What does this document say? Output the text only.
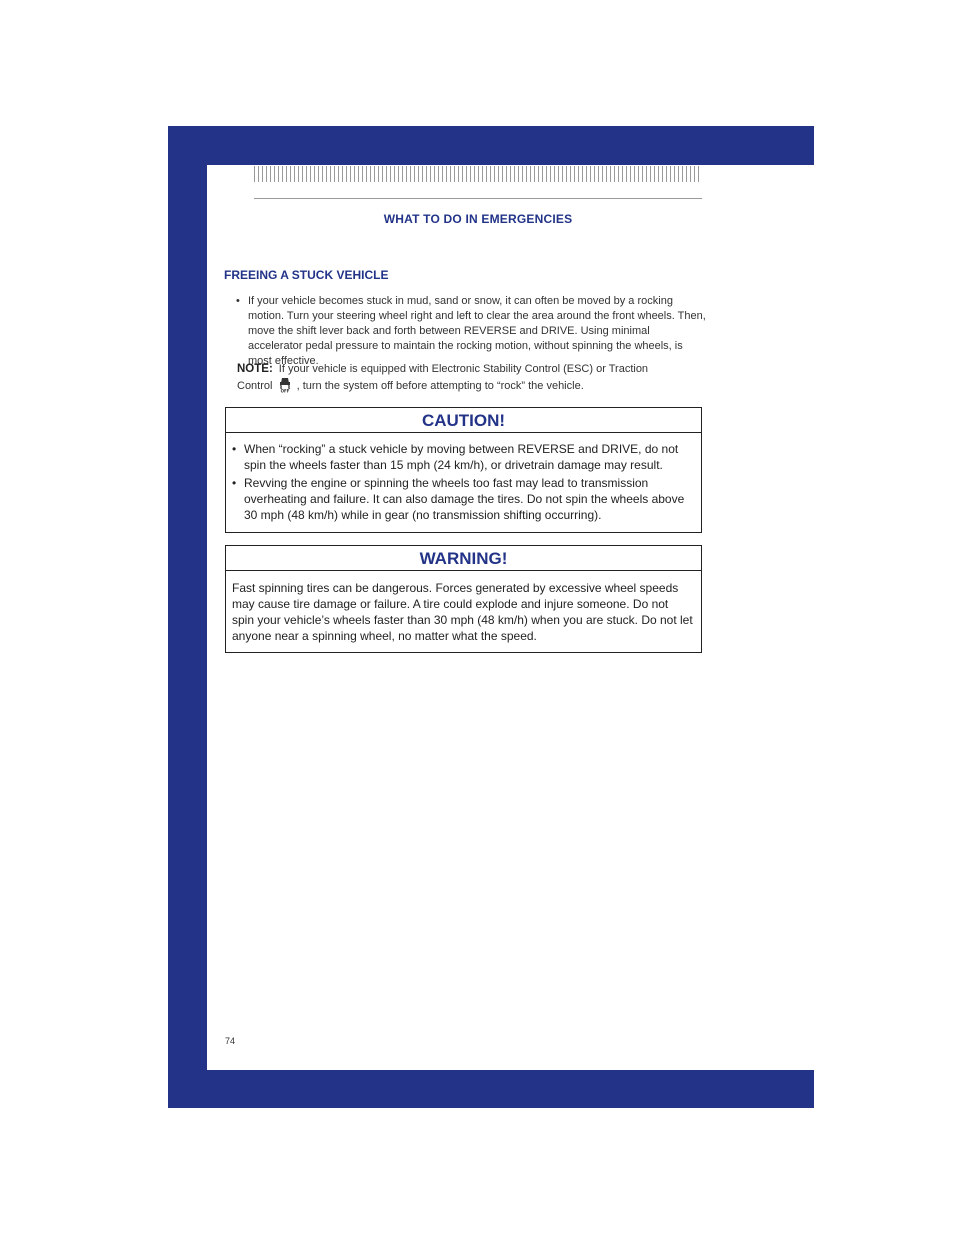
WHAT TO DO IN EMERGENCIES
FREEING A STUCK VEHICLE
• If your vehicle becomes stuck in mud, sand or snow, it can often be moved by a rocking motion. Turn your steering wheel right and left to clear the area around the front wheels. Then, move the shift lever back and forth between REVERSE and DRIVE. Using minimal accelerator pedal pressure to maintain the rocking motion, without spinning the wheels, is most effective.
NOTE: If your vehicle is equipped with Electronic Stability Control (ESC) or Traction Control OFF , turn the system off before attempting to “rock” the vehicle.
CAUTION!
• When “rocking” a stuck vehicle by moving between REVERSE and DRIVE, do not spin the wheels faster than 15 mph (24 km/h), or drivetrain damage may result.
• Revving the engine or spinning the wheels too fast may lead to transmission overheating and failure. It can also damage the tires. Do not spin the wheels above 30 mph (48 km/h) while in gear (no transmission shifting occurring).
WARNING!
Fast spinning tires can be dangerous. Forces generated by excessive wheel speeds may cause tire damage or failure. A tire could explode and injure someone. Do not spin your vehicle’s wheels faster than 30 mph (48 km/h) when you are stuck. Do not let anyone near a spinning wheel, no matter what the speed.
74
